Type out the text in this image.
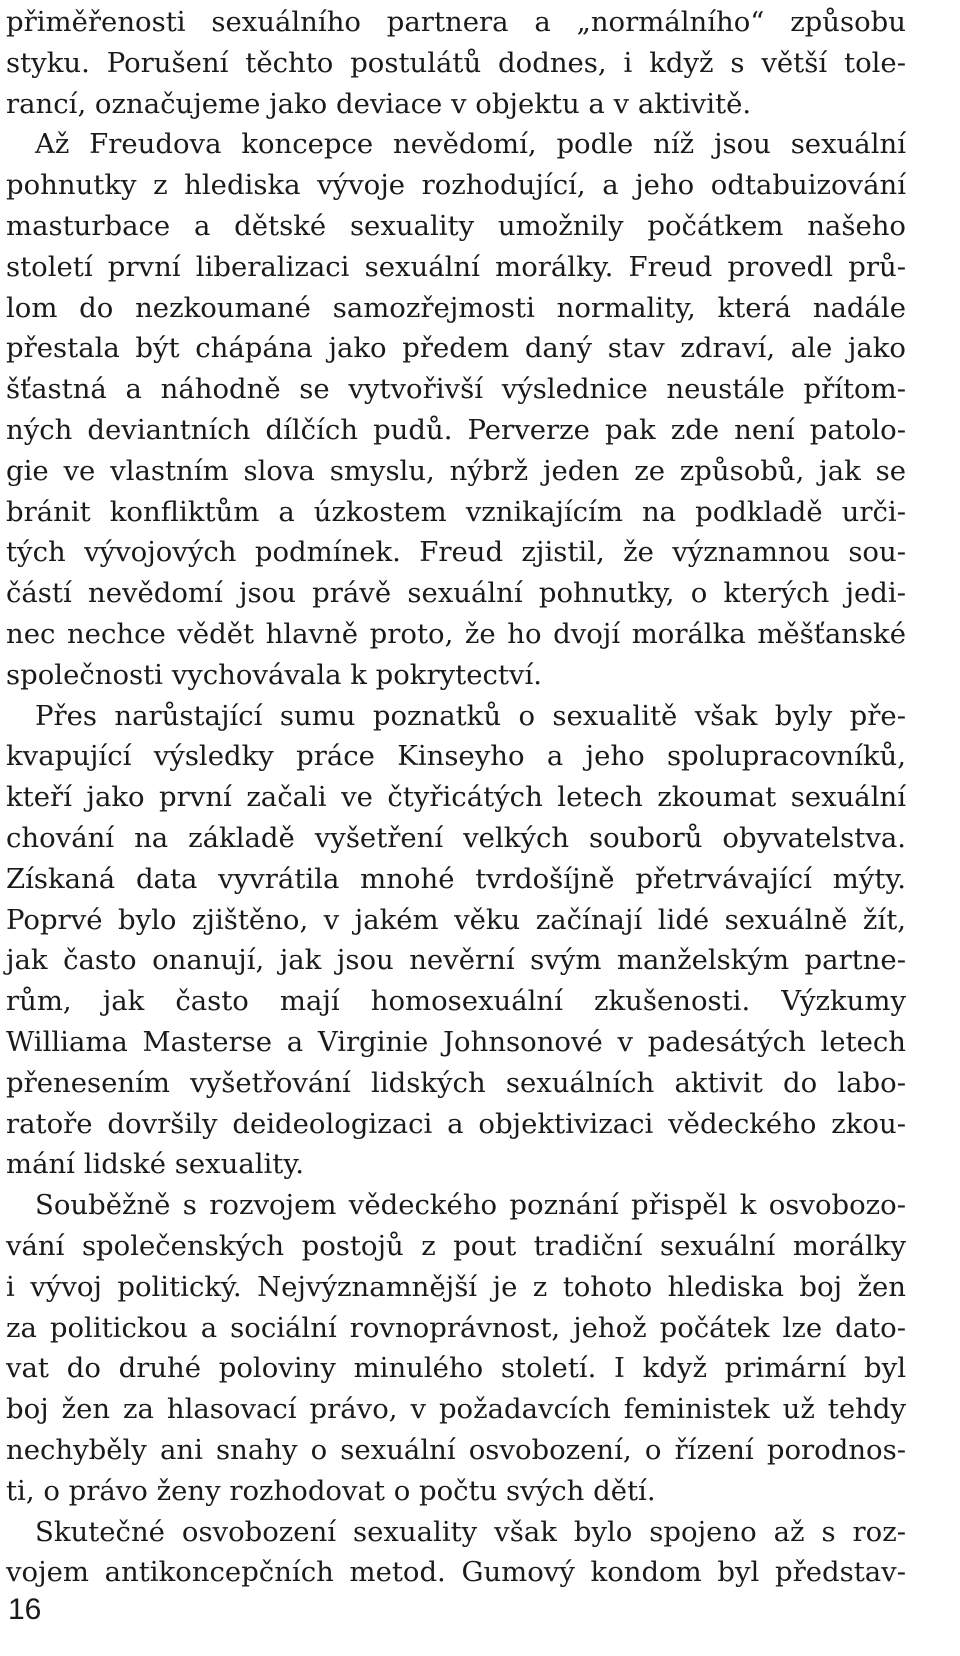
přiměřenosti sexuálního partnera a „normálního“ způsobu
styku. Porušení těchto postulátů dodnes, i když s větší tole-
rancí, označujeme jako deviace v objektu a v aktivitě.
Až Freudova koncepce nevědomí, podle níž jsou sexuální
pohnutky z hlediska vývoje rozhodující, a jeho odtabuizování
masturbace a dětské sexuality umožnily počátkem našeho
století první liberalizaci sexuální morálky. Freud provedl prů-
lom do nezkoumané samozřejmosti normality, která nadále
přestala být chápána jako předem daný stav zdraví, ale jako
šťastná a náhodně se vytvořivší výslednice neustále přítom-
ných deviantních dílčích pudů. Perverze pak zde není patolo-
gie ve vlastním slova smyslu, nýbrž jeden ze způsobů, jak se
bránit konfliktům a úzkostem vznikajícím na podkladě urči-
tých vývojových podmínek. Freud zjistil, že významnou sou-
částí nevědomí jsou právě sexuální pohnutky, o kterých jedi-
nec nechce vědět hlavně proto, že ho dvojí morálka měšťanské
společnosti vychovávala k pokrytectví.
Přes narůstající sumu poznatků o sexualitě však byly pře-
kvapující výsledky práce Kinseyho a jeho spolupracovníků,
kteří jako první začali ve čtyřicátých letech zkoumat sexuální
chování na základě vyšetření velkých souborů obyvatelstva.
Získaná data vyvrátila mnohé tvrdošíjně přetrvávající mýty.
Poprvé bylo zjištěno, v jakém věku začínají lidé sexuálně žít,
jak často onanují, jak jsou nevěrní svým manželským partne-
rům, jak často mají homosexuální zkušenosti. Výzkumy
Williama Masterse a Virginie Johnsonové v padesátých letech
přenesením vyšetřování lidských sexuálních aktivit do labo-
ratoře dovršily deideologizaci a objektivizaci vědeckého zkou-
mání lidské sexuality.
Souběžně s rozvojem vědeckého poznání přispěl k osvobozo-
vání společenských postojů z pout tradiční sexuální morálky
i vývoj politický. Nejvýznamnější je z tohoto hlediska boj žen
za politickou a sociální rovnoprávnost, jehož počátek lze dato-
vat do druhé poloviny minulého století. I když primární byl
boj žen za hlasovací právo, v požadavcích feministek už tehdy
nechyběly ani snahy o sexuální osvobození, o řízení porodnos-
ti, o právo ženy rozhodovat o počtu svých dětí.
Skutečné osvobození sexuality však bylo spojeno až s roz-
vojem antikoncepčních metod. Gumový kondom byl představ-
16
